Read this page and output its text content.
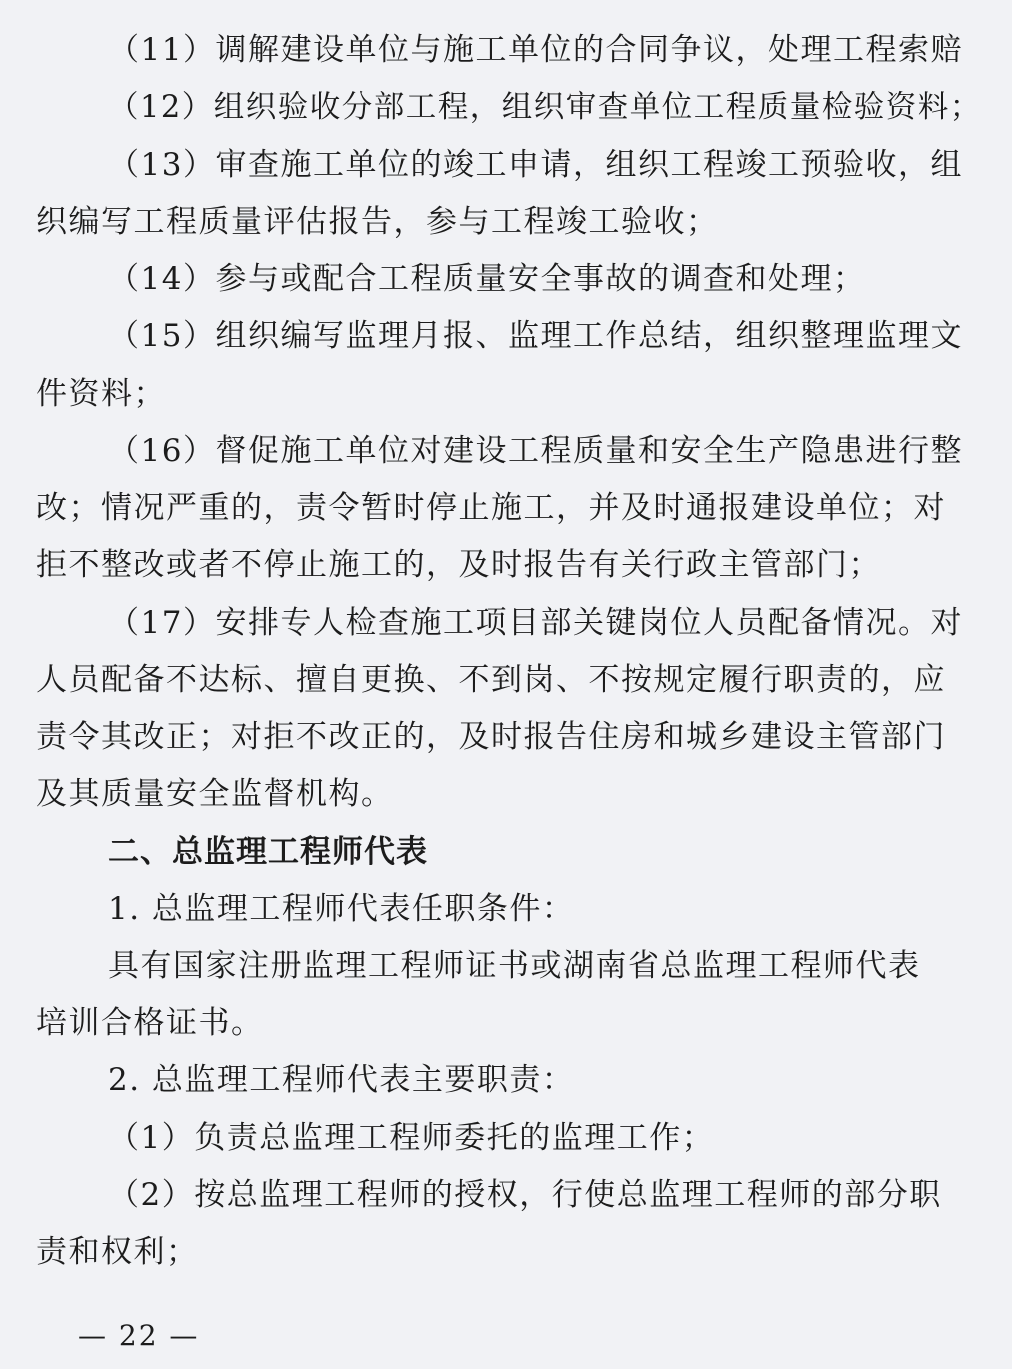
（11）调解建设单位与施工单位的合同争议，处理工程索赔
（12）组织验收分部工程，组织审查单位工程质量检验资料；
（13）审查施工单位的竣工申请，组织工程竣工预验收，组
织编写工程质量评估报告，参与工程竣工验收；
（14）参与或配合工程质量安全事故的调查和处理；
（15）组织编写监理月报、监理工作总结，组织整理监理文
件资料；
（16）督促施工单位对建设工程质量和安全生产隐患进行整
改；情况严重的，责令暂时停止施工，并及时通报建设单位；对
拒不整改或者不停止施工的，及时报告有关行政主管部门；
（17）安排专人检查施工项目部关键岗位人员配备情况。对
人员配备不达标、擅自更换、不到岗、不按规定履行职责的，应
责令其改正；对拒不改正的，及时报告住房和城乡建设主管部门
及其质量安全监督机构。
二、总监理工程师代表
1. 总监理工程师代表任职条件：
具有国家注册监理工程师证书或湖南省总监理工程师代表
培训合格证书。
2. 总监理工程师代表主要职责：
（1）负责总监理工程师委托的监理工作；
（2）按总监理工程师的授权，行使总监理工程师的部分职
责和权利；
— 22 —
